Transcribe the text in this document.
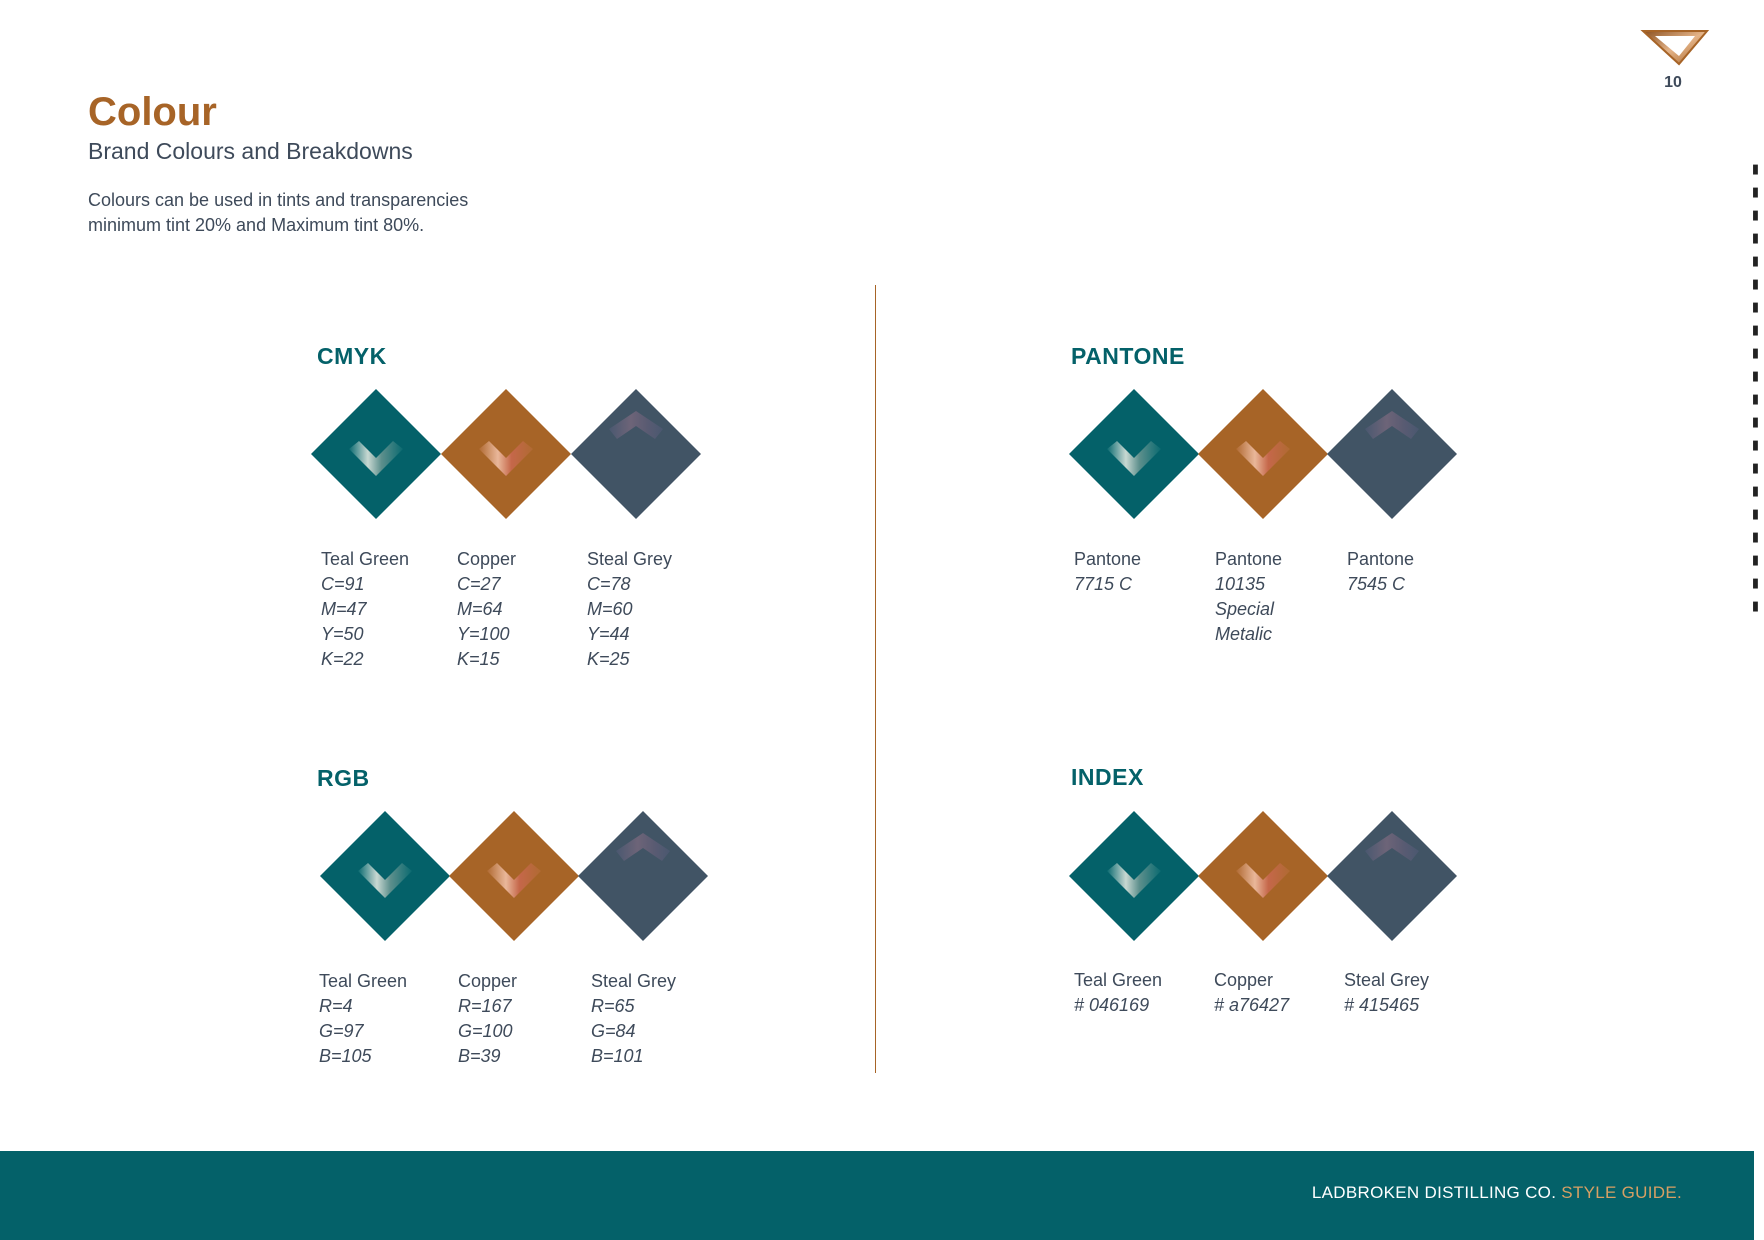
Colour
Brand Colours and Breakdowns
Colours can be used in tints and transparencies
minimum tint 20% and Maximum tint 80%.
10
▮▮▮▮▮▮▮▮▮▮▮▮▮▮▮▮▮▮▮▮
CMYK
Teal Green
C=91
M=47
Y=50
K=22
Copper
C=27
M=64
Y=100
K=15
Steal Grey
C=78
M=60
Y=44
K=25
PANTONE
Pantone
7715 C
Pantone
10135
Special
Metalic
Pantone
7545 C
RGB
Teal Green
R=4
G=97
B=105
Copper
R=167
G=100
B=39
Steal Grey
R=65
G=84
B=101
INDEX
Teal Green
# 046169
Copper
# a76427
Steal Grey
# 415465
LADBROKEN DISTILLING CO. STYLE GUIDE.
